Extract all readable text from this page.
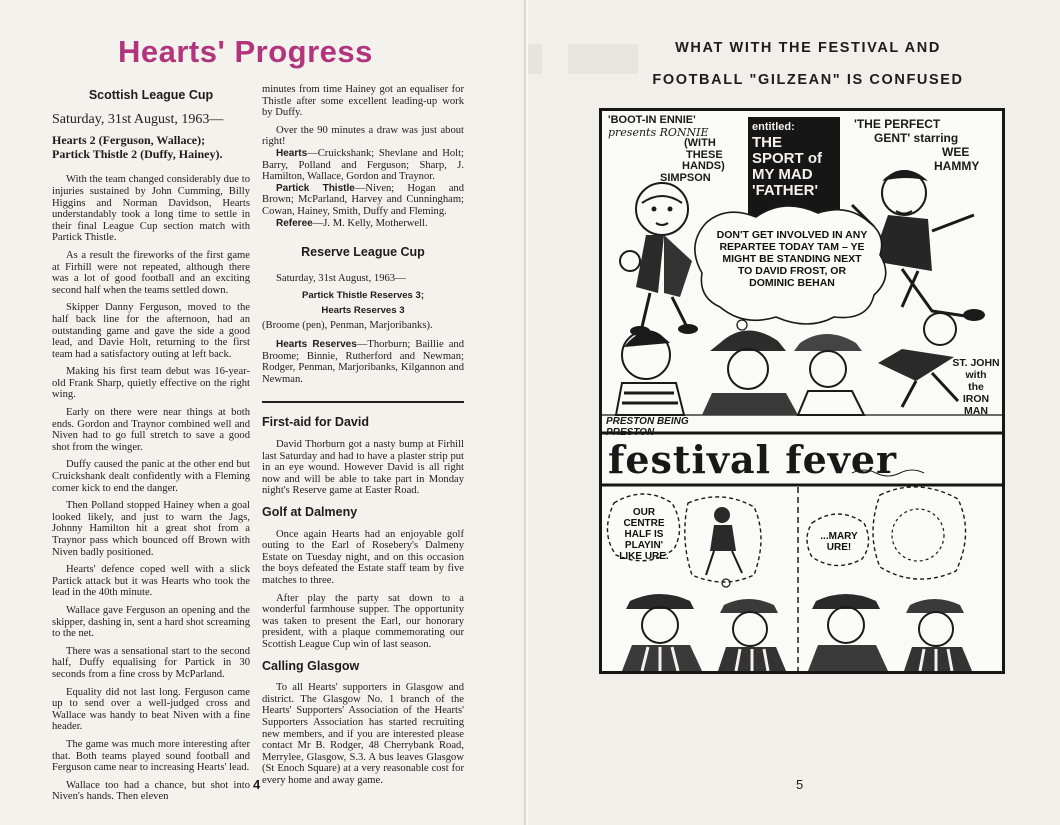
Hearts' Progress
Scottish League Cup
Saturday, 31st August, 1963—
Hearts 2 (Ferguson, Wallace);
Partick Thistle 2 (Duffy, Hainey).

With the team changed considerably due to injuries sustained by John Cumming, Billy Higgins and Norman Davidson, Hearts understandably took a long time to settle in their final League Cup section match with Partick Thistle.

As a result the fireworks of the first game at Firhill were not repeated, although there was a lot of good football and an exciting second half when the teams settled down.

Skipper Danny Ferguson, moved to the half back line for the afternoon, had an outstanding game and gave the side a good lead, and Davie Holt, returning to the first team had a satisfactory outing at left back.

Making his first team debut was 16-year-old Frank Sharp, quietly effective on the right wing.

Early on there were near things at both ends. Gordon and Traynor combined well and Niven had to go full stretch to save a good shot from the winger.

Duffy caused the panic at the other end but Cruickshank dealt confidently with a Fleming corner kick to end the danger.

Then Polland stopped Hainey when a goal looked likely, and just to warn the Jags, Johnny Hamilton hit a great shot from a Traynor pass which bounced off Brown with Niven badly positioned.

Hearts' defence coped well with a slick Partick attack but it was Hearts who took the lead in the 40th minute.

Wallace gave Ferguson an opening and the skipper, dashing in, sent a hard shot screaming to the net.

There was a sensational start to the second half, Duffy equalising for Partick in 30 seconds from a fine cross by McParland.

Equality did not last long. Ferguson came up to send over a well-judged cross and Wallace was handy to beat Niven with a fine header.

The game was much more interesting after that. Both teams played sound football and Ferguson came near to increasing Hearts' lead.

Wallace too had a chance, but shot into Niven's hands. Then eleven

minutes from time Hainey got an equaliser for Thistle after some excellent leading-up work by Duffy.

Over the 90 minutes a draw was just about right!

Hearts—Cruickshank; Shevlane and Holt; Barry, Polland and Ferguson; Sharp, J. Hamilton, Wallace, Gordon and Traynor.

Partick Thistle—Niven; Hogan and Brown; McParland, Harvey and Cunningham; Cowan, Hainey, Smith, Duffy and Fleming.

Referee—J. M. Kelly, Motherwell.

Reserve League Cup

Saturday, 31st August, 1963—

Partick Thistle Reserves 3;
Hearts Reserves 3

(Broome (pen), Penman, Marjoribanks).

Hearts Reserves—Thorburn; Baillie and Broome; Binnie, Rutherford and Newman; Rodger, Penman, Marjoribanks, Kilgannon and Newman.

First-aid for David

David Thorburn got a nasty bump at Firhill last Saturday and had to have a plaster strip put in an eye wound. However David is all right now and will be able to take part in Monday night's Reserve game at Easter Road.

Golf at Dalmeny

Once again Hearts had an enjoyable golf outing to the Earl of Rosebery's Dalmeny Estate on Tuesday night, and on this occasion the boys defeated the Estate staff team by five matches to three.

After play the party sat down to a wonderful farmhouse supper. The opportunity was taken to present the Earl, our honorary president, with a plaque commemorating our Scottish League Cup win of last season.

Calling Glasgow

To all Hearts' supporters in Glasgow and district. The Glasgow No. 1 branch of the Hearts' Supporters' Association of the Hearts' Supporters Association has started recruiting new members, and if you are interested please contact Mr B. Rodger, 48 Cherrybank Road, Merrylee, Glasgow, S.3. A bus leaves Glasgow (St Enoch Square) at a very reasonable cost for every home and away game.

4
WHAT WITH THE FESTIVAL AND
FOOTBALL "GILZEAN" IS CONFUSED
'BOOT-IN ENNIE'
presents RONNIE
(WITH
THESE
HANDS)
SIMPSON
entitled:
THE
SPORT of
MY MAD
'FATHER'
'THE PERFECT
GENT' starring
WEE
HAMMY
DON'T GET INVOLVED IN ANY REPARTEE TODAY TAM – YE MIGHT BE STANDING NEXT TO DAVID FROST, OR DOMINIC BEHAN
PRESTON BEING PRESTON
ST. JOHN
with
the
IRON
MAN
festival fever
OUR CENTRE HALF IS PLAYIN' LIKE URE.
...MARY URE!
5
